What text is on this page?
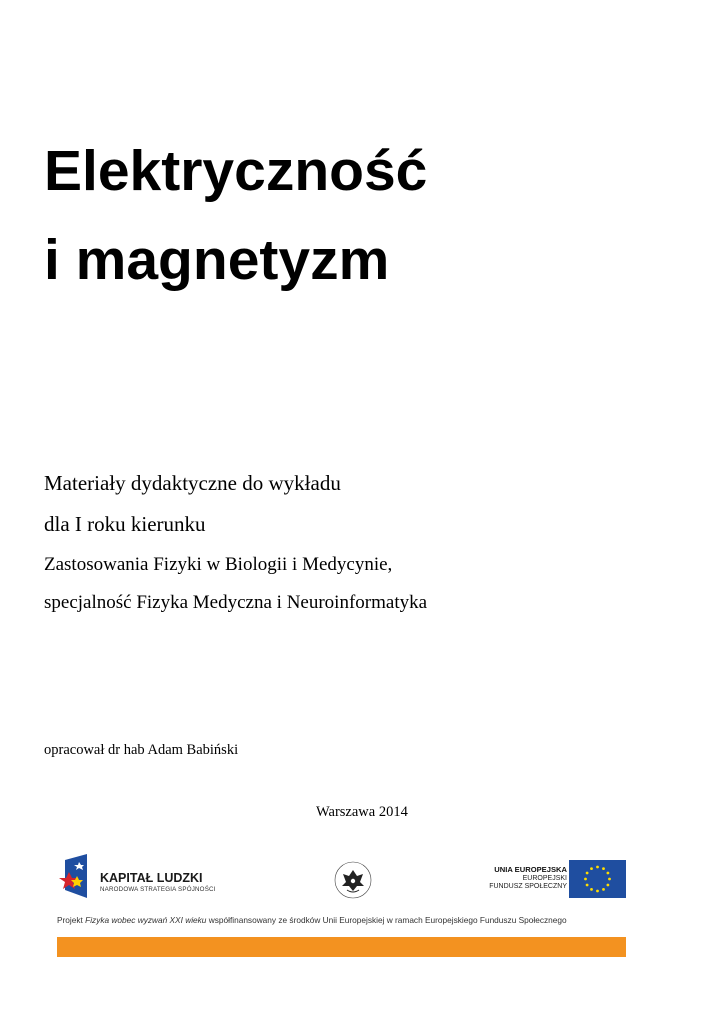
Elektryczność
i magnetyzm
Materiały dydaktyczne do wykładu
dla I roku kierunku
Zastosowania Fizyki w Biologii i Medycynie,
specjalność Fizyka Medyczna i Neuroinformatyka
opracował dr hab Adam Babiński
Warszawa 2014
KAPITAŁ LUDZKI
NARODOWA STRATEGIA SPÓJNOŚCI
UNIA EUROPEJSKA
EUROPEJSKI
FUNDUSZ SPOŁECZNY
Projekt Fizyka wobec wyzwań XXI wieku współfinansowany ze środków Unii Europejskiej w ramach Europejskiego Funduszu Społecznego
